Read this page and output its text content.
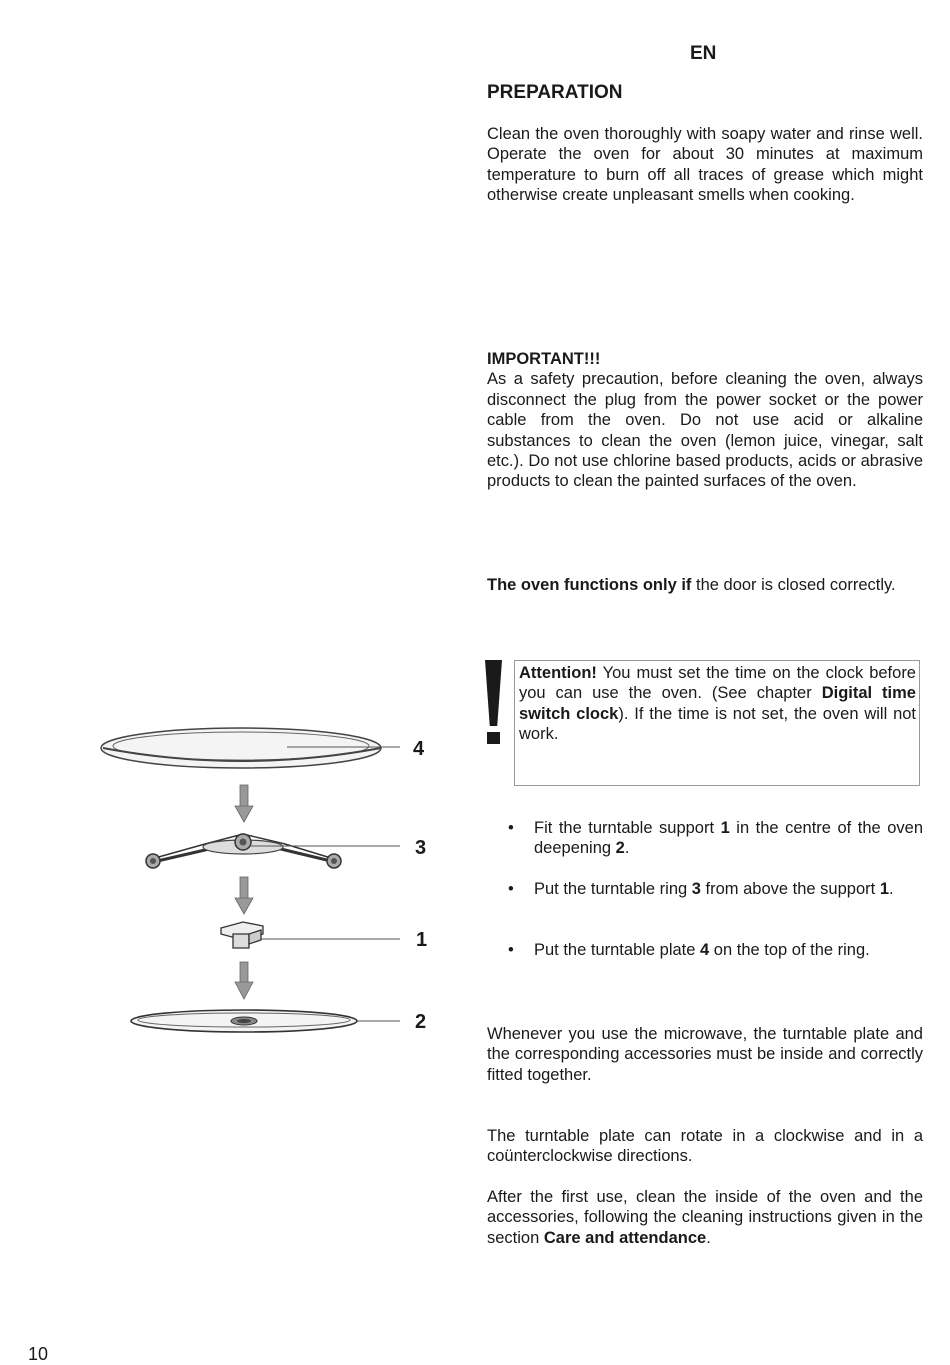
EN
PREPARATION

Clean the oven thoroughly with soapy water and rinse well. Operate the oven for about 30 minutes at maximum temperature to burn off all traces of grease which might otherwise create unpleasant smells when cooking.

IMPORTANT!!!
As a safety precaution, before cleaning the oven, always disconnect the plug from the power socket or the power cable from the oven. Do not use acid or alkaline substances to clean the oven (lemon juice, vinegar, salt etc.). Do not use chlorine based products, acids or abrasive products to clean the painted surfaces of the oven.

The oven functions only if the door is closed correctly.

Attention! You must set the time on the clock before you can use the oven. (See chapter Digital time switch clock). If the time is not set, the oven will not work.
• Fit the turntable support 1 in the centre of the oven deepening 2.
• Put the turntable ring 3 from above the support 1.
• Put the turntable plate 4 on the top of the ring.

Whenever you use the microwave, the turntable plate and the corresponding accessories must be inside and correctly fitted together.

The turntable plate can rotate in a clockwise and in a coünterclockwise directions.

After the first use, clean the inside of the oven and the accessories, following the cleaning instructions given in the section Care and attendance.

4
3
1
2
10
